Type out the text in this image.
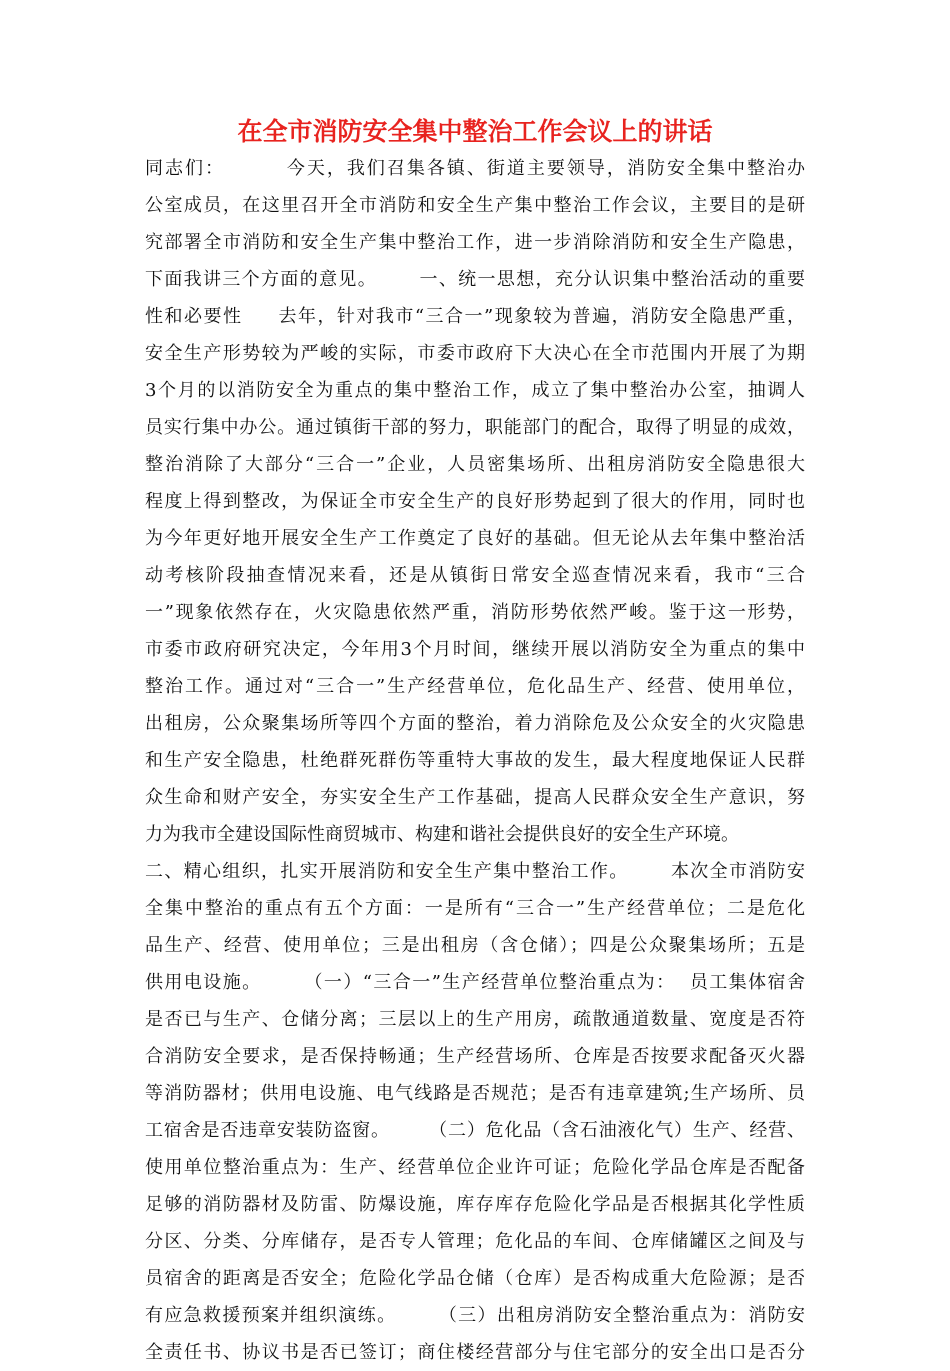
在全市消防安全集中整治工作会议上的讲话
同志们：        今天，我们召集各镇、街道主要领导，消防安全集中整治办
公室成员，在这里召开全市消防和安全生产集中整治工作会议，主要目的是研
究部署全市消防和安全生产集中整治工作，进一步消除消防和安全生产隐患，
下面我讲三个方面的意见。      一、统一思想，充分认识集中整治活动的重要
性和必要性     去年，针对我市“三合一”现象较为普遍，消防安全隐患严重，
安全生产形势较为严峻的实际，市委市政府下大决心在全市范围内开展了为期
3个月的以消防安全为重点的集中整治工作，成立了集中整治办公室，抽调人
员实行集中办公。通过镇街干部的努力，职能部门的配合，取得了明显的成效，
整治消除了大部分“三合一”企业，人员密集场所、出租房消防安全隐患很大
程度上得到整改，为保证全市安全生产的良好形势起到了很大的作用，同时也
为今年更好地开展安全生产工作奠定了良好的基础。但无论从去年集中整治活
动考核阶段抽查情况来看，还是从镇街日常安全巡查情况来看，我市“三合
一”现象依然存在，火灾隐患依然严重，消防形势依然严峻。鉴于这一形势，
市委市政府研究决定，今年用3个月时间，继续开展以消防安全为重点的集中
整治工作。通过对“三合一”生产经营单位，危化品生产、经营、使用单位，
出租房，公众聚集场所等四个方面的整治，着力消除危及公众安全的火灾隐患
和生产安全隐患，杜绝群死群伤等重特大事故的发生，最大程度地保证人民群
众生命和财产安全，夯实安全生产工作基础，提高人民群众安全生产意识，努
力为我市全建设国际性商贸城市、构建和谐社会提供良好的安全生产环境。
二、精心组织，扎实开展消防和安全生产集中整治工作。      本次全市消防安
全集中整治的重点有五个方面：一是所有“三合一”生产经营单位；二是危化
品生产、经营、使用单位；三是出租房（含仓储）；四是公众聚集场所；五是
供用电设施。      （一）“三合一”生产经营单位整治重点为：  员工集体宿舍
是否已与生产、仓储分离；三层以上的生产用房，疏散通道数量、宽度是否符
合消防安全要求，是否保持畅通；生产经营场所、仓库是否按要求配备灭火器
等消防器材；供用电设施、电气线路是否规范；是否有违章建筑;生产场所、员
工宿舍是否违章安装防盗窗。      （二）危化品（含石油液化气）生产、经营、
使用单位整治重点为：生产、经营单位企业许可证；危险化学品仓库是否配备
足够的消防器材及防雷、防爆设施，库存库存危险化学品是否根据其化学性质
分区、分类、分库储存，是否专人管理；危化品的车间、仓库储罐区之间及与
员宿舍的距离是否安全；危险化学品仓储（仓库）是否构成重大危险源；是否
有应急救援预案并组织演练。      （三）出租房消防安全整治重点为：消防安
全责任书、协议书是否已签订；商住楼经营部分与住宅部分的安全出口是否分
